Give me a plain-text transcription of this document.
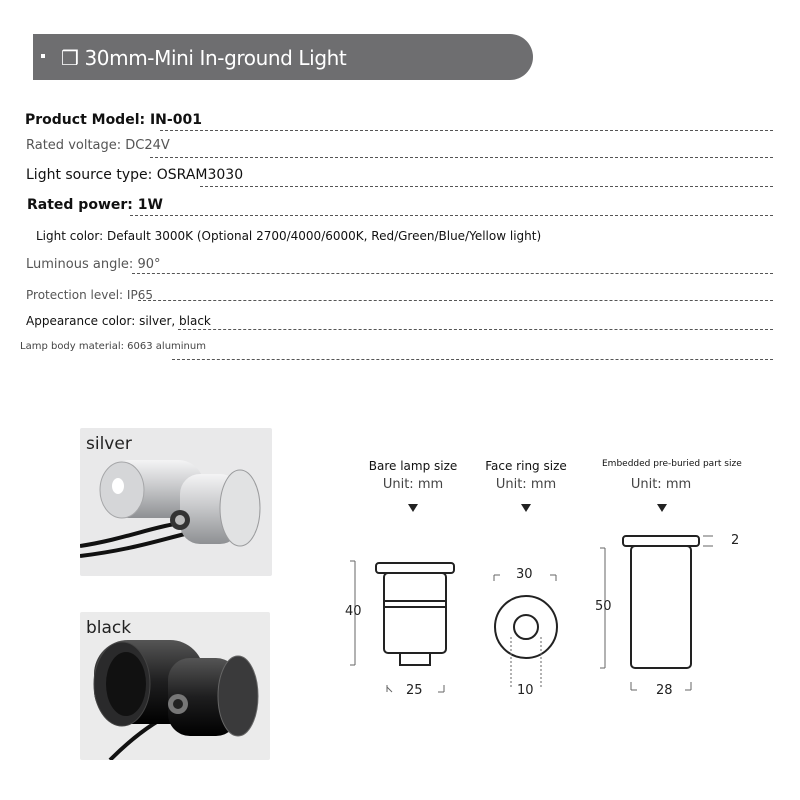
❒ 30mm-Mini In-ground Light
Product Model: IN-001
Rated voltage: DC24V
Light source type: OSRAM3030
Rated power: 1W
Light color: Default 3000K (Optional 2700/4000/6000K, Red/Green/Blue/Yellow light)
Luminous angle: 90°
Protection level: IP65
Appearance color: silver, black
Lamp body material: 6063 aluminum
silver
black
Bare lamp size
Unit: mm
40
25
Face ring size
Unit: mm
30
10
Embedded pre-buried part size
Unit: mm
2
50
28
